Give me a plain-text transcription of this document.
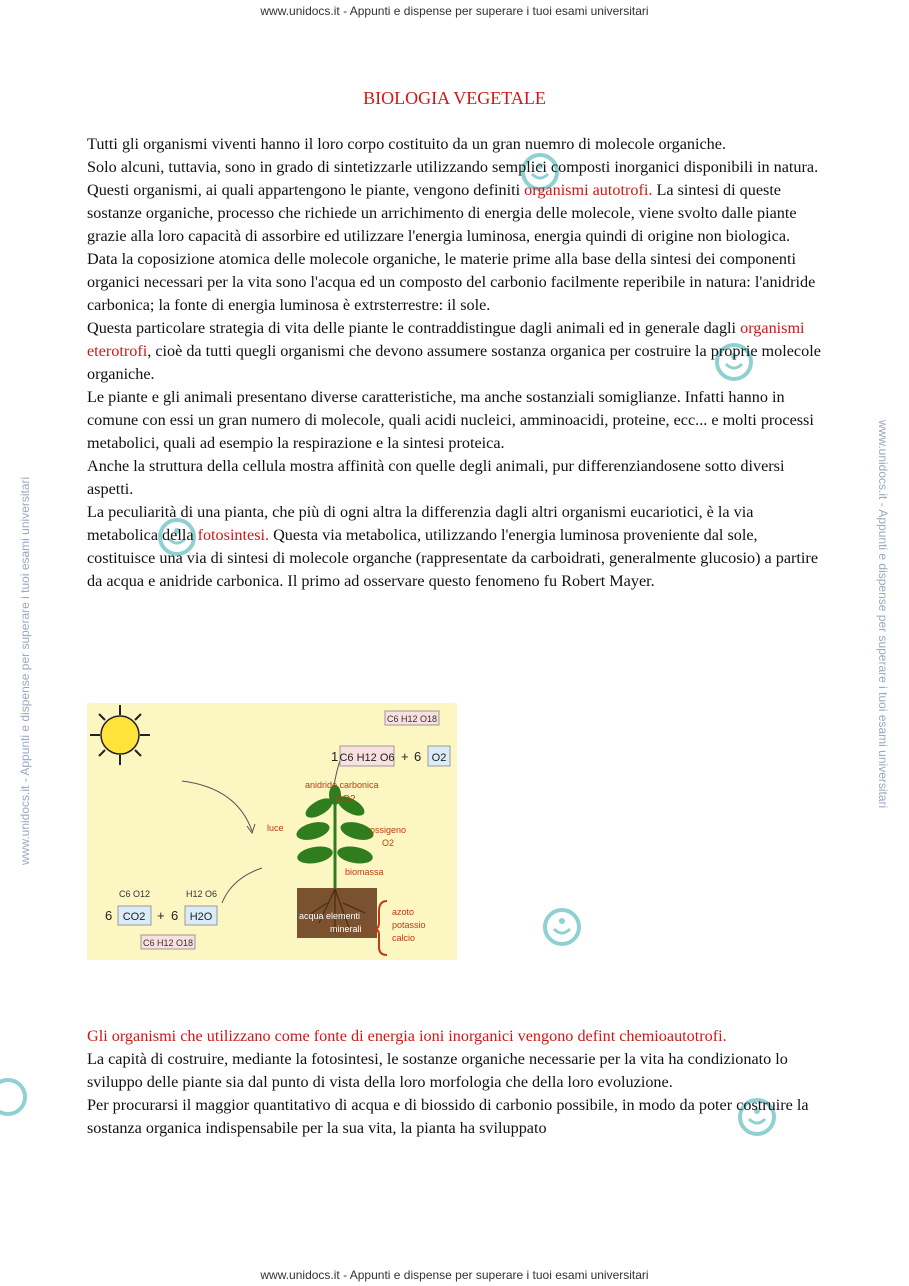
www.unidocs.it - Appunti e dispense per superare i tuoi esami universitari
www.unidocs.it - Appunti e dispense per superare i tuoi esami universitari	www.unidocs.it - Appunti e dispense per superare i tuoi esami universitari
BIOLOGIA VEGETALE

Tutti gli organismi viventi hanno il loro corpo costituito da un gran nuemro di molecole organiche.

Solo alcuni, tuttavia, sono in grado di sintetizzarle utilizzando semplici composti inorganici disponibili in natura. Questi organismi, ai quali appartengono le piante, vengono definiti organismi autotrofi. La sintesi di queste sostanze organiche, processo che richiede un arrichimento di energia delle molecole, viene svolto dalle piante grazie alla loro capacità di assorbire ed utilizzare l'energia luminosa, energia quindi di origine non biologica.

Data la coposizione atomica delle molecole organiche, le materie prime alla base della sintesi dei componenti organici necessari per la vita sono l'acqua ed un composto del carbonio facilmente reperibile in natura: l'anidride carbonica; la fonte di energia luminosa è extrsterrestre: il sole.

Questa particolare strategia di vita delle piante le contraddistingue dagli animali ed in generale dagli organismi eterotrofi, cioè da tutti quegli organismi che devono assumere sostanza organica per costruire la proprie molecole organiche.

Le piante e gli animali presentano diverse caratteristiche, ma anche sostanziali somiglianze. Infatti hanno in comune con essi un gran numero di molecole, quali acidi nucleici, amminoacidi, proteine, ecc... e molti processi metabolici, quali ad esempio la respirazione e la sintesi proteica.

Anche la struttura della cellula mostra affinità con quelle degli animali, pur differenziandosene sotto diversi aspetti.

La peculiarità di una pianta, che più di ogni altra la differenzia dagli altri organismi eucariotici, è la via metabolica della fotosintesi. Questa via metabolica, utilizzando l'energia luminosa proveniente dal sole, costituisce una via di sintesi di molecole organche (rappresentate da carboidrati, generalmente glucosio) a partire da acqua e anidride carbonica. Il primo ad osservare questo fenomeno fu Robert Mayer.

C6 H12 O18
1 C6 H12 O6 + 6 O2
anidride carbonica
CO2
luce	ossigeno
O2
biomassa
acqua elementi
minerali
azoto
potassio
calcio
C6 O12	H12 O6
6 CO2 + 6 H2O
C6 H12 O18

Gli organismi che utilizzano come fonte di energia ioni inorganici vengono defint chemioautotrofi.

La capità di costruire, mediante la fotosintesi, le sostanze organiche necessarie per la vita ha condizionato lo sviluppo delle piante sia dal punto di vista della loro morfologia che della loro evoluzione.

Per procurarsi il maggior quantitativo di acqua e di biossido di carbonio possibile, in modo da poter costruire la sostanza organica indispensabile per la sua vita, la pianta ha sviluppato

www.unidocs.it - Appunti e dispense per superare i tuoi esami universitari
